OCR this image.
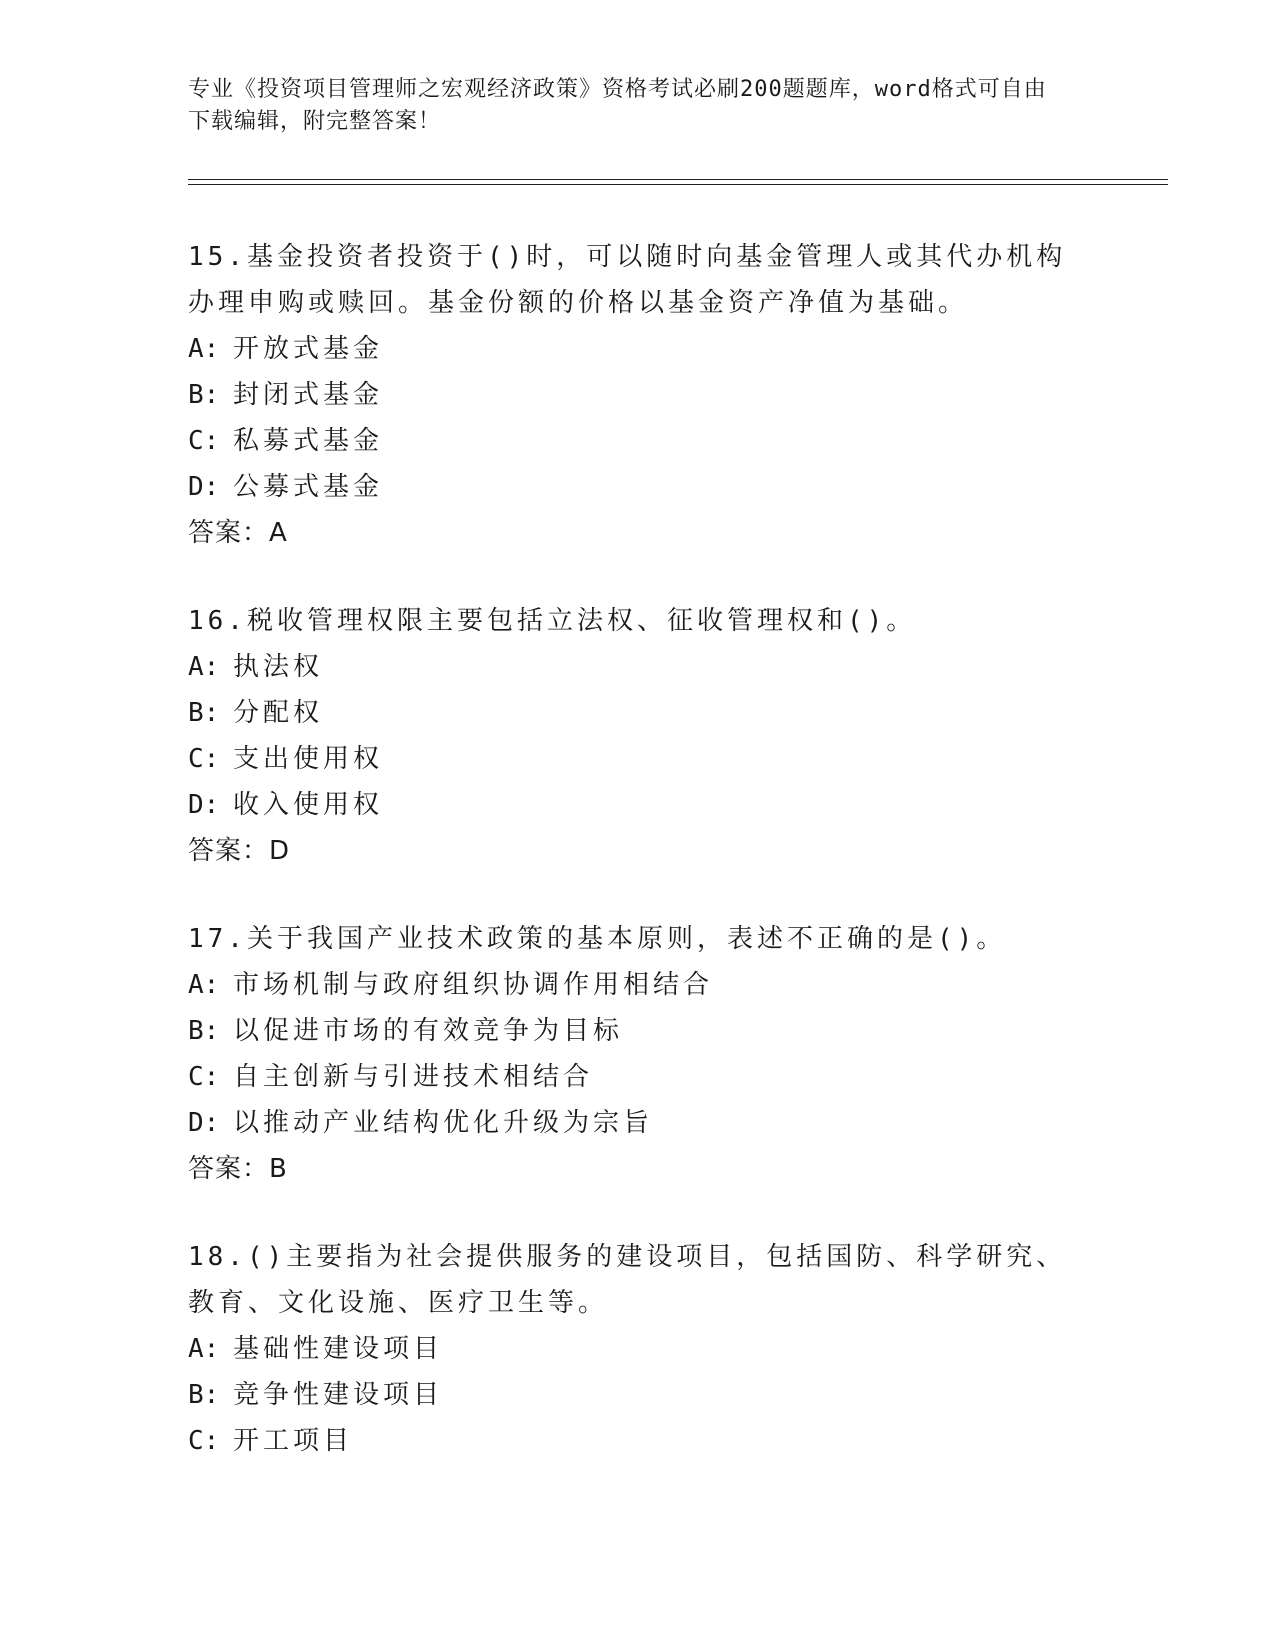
专业《投资项目管理师之宏观经济政策》资格考试必刷200题题库，word格式可自由下载编辑，附完整答案！

15.基金投资者投资于()时，可以随时向基金管理人或其代办机构办理申购或赎回。基金份额的价格以基金资产净值为基础。

A: 开放式基金

B: 封闭式基金

C: 私募式基金

D: 公募式基金

答案：A

16.税收管理权限主要包括立法权、征收管理权和()。

A: 执法权

B: 分配权

C: 支出使用权

D: 收入使用权

答案：D

17.关于我国产业技术政策的基本原则，表述不正确的是()。

A: 市场机制与政府组织协调作用相结合

B: 以促进市场的有效竞争为目标

C: 自主创新与引进技术相结合

D: 以推动产业结构优化升级为宗旨

答案：B

18.()主要指为社会提供服务的建设项目，包括国防、科学研究、教育、文化设施、医疗卫生等。

A: 基础性建设项目

B: 竞争性建设项目

C: 开工项目
